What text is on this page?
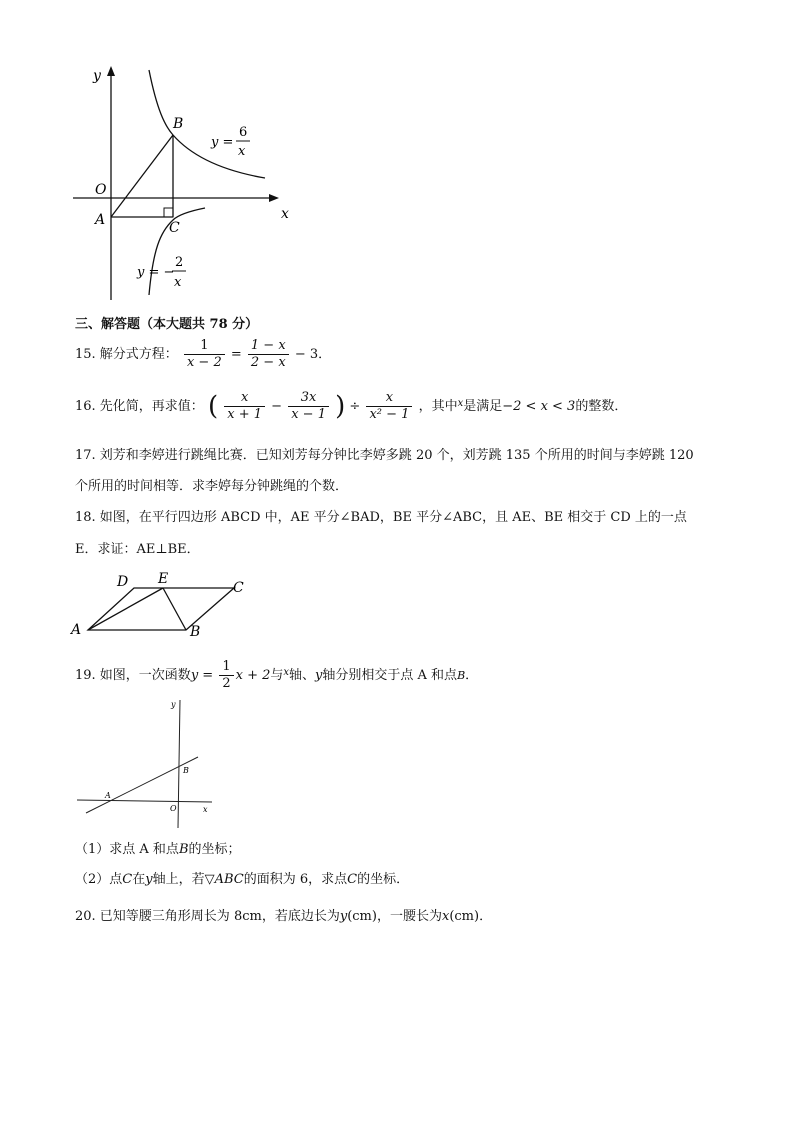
y
x
O
A
B
C
y =
6
x
y = −
2
x
三、解答题（本大题共 78 分）
15. 解分式方程： $\frac{1}{x - 2} = \frac{1 - x}{2 - x} - 3$．
16. 先化简，再求值： ( $\frac{x}{x + 1} - \frac{3x}{x - 1}$ ) ÷ $\frac{x}{\text{x² − 1}}$ ，其中$^x$是满足−2 < x < 3的整数．
17. 刘芳和李婷进行跳绳比赛．已知刘芳每分钟比李婷多跳 20 个，刘芳跳 135 个所用的时间与李婷跳 120
个所用的时间相等．求李婷每分钟跳绳的个数．
18. 如图，在平行四边形 ABCD 中，AE 平分∠BAD，BE 平分∠ABC，且 AE、BE 相交于 CD 上的一点
E．求证：AE⊥BE．
D E
C
A	B
19. 如图，一次函数$y = \frac{1}{2}$ x + 2与$^x$轴、y轴分别相交于点 A 和点B．
y
x
O
A
B
（1）求点 A 和点B的坐标；
（2）点C在y轴上，若▽ABC的面积为 6，求点C的坐标．
20. 已知等腰三角形周长为 8cm，若底边长为y(cm)，一腰长为x(cm)．
